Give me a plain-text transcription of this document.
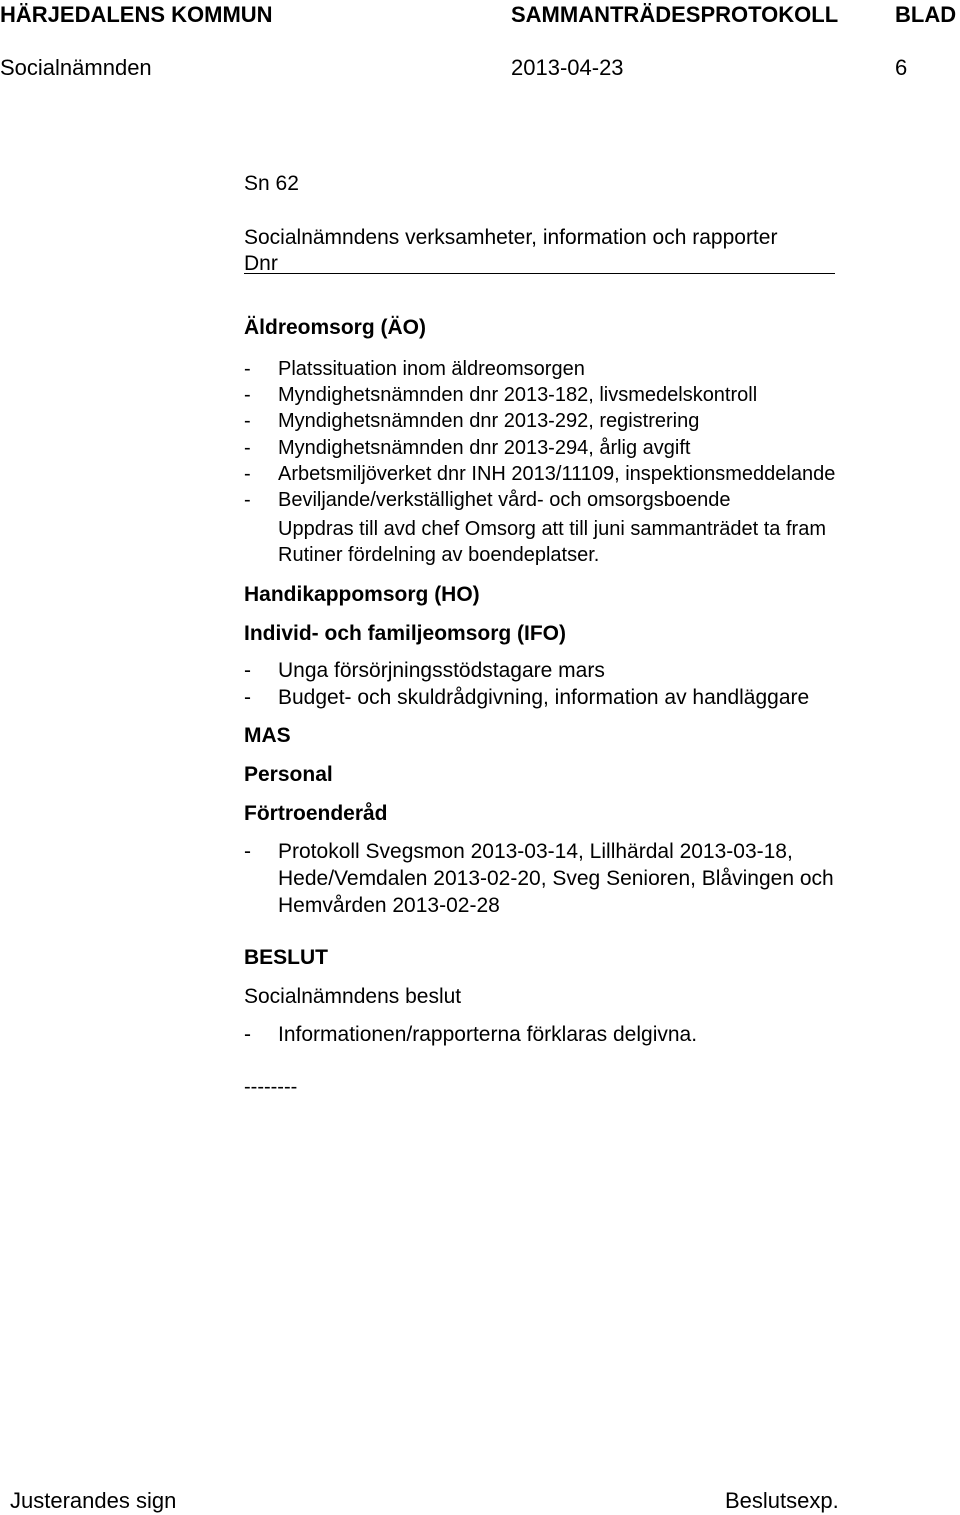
HÄRJEDALENS KOMMUN	SAMMANTRÄDESPROTOKOLL	BLAD
Socialnämnden	2013-04-23	6
Sn 62
Socialnämndens verksamheter, information och rapporter
Dnr
Äldreomsorg (ÄO)
- Platssituation inom äldreomsorgen
- Myndighetsnämnden dnr 2013-182, livsmedelskontroll
- Myndighetsnämnden dnr 2013-292, registrering
- Myndighetsnämnden dnr 2013-294, årlig avgift
- Arbetsmiljöverket dnr INH 2013/11109, inspektionsmeddelande
- Beviljande/verkställighet vård- och omsorgsboende
Uppdras till avd chef Omsorg att till juni sammanträdet ta fram
Rutiner fördelning av boendeplatser.
Handikappomsorg (HO)
Individ- och familjeomsorg (IFO)
- Unga försörjningsstödstagare mars
- Budget- och skuldrådgivning, information av handläggare
MAS
Personal
Förtroenderåd
- Protokoll Svegsmon 2013-03-14, Lillhärdal 2013-03-18,
Hede/Vemdalen 2013-02-20, Sveg Senioren, Blåvingen och
Hemvården 2013-02-28
BESLUT
Socialnämndens beslut
- Informationen/rapporterna förklaras delgivna.
--------
Justerandes sign	Beslutsexp.
